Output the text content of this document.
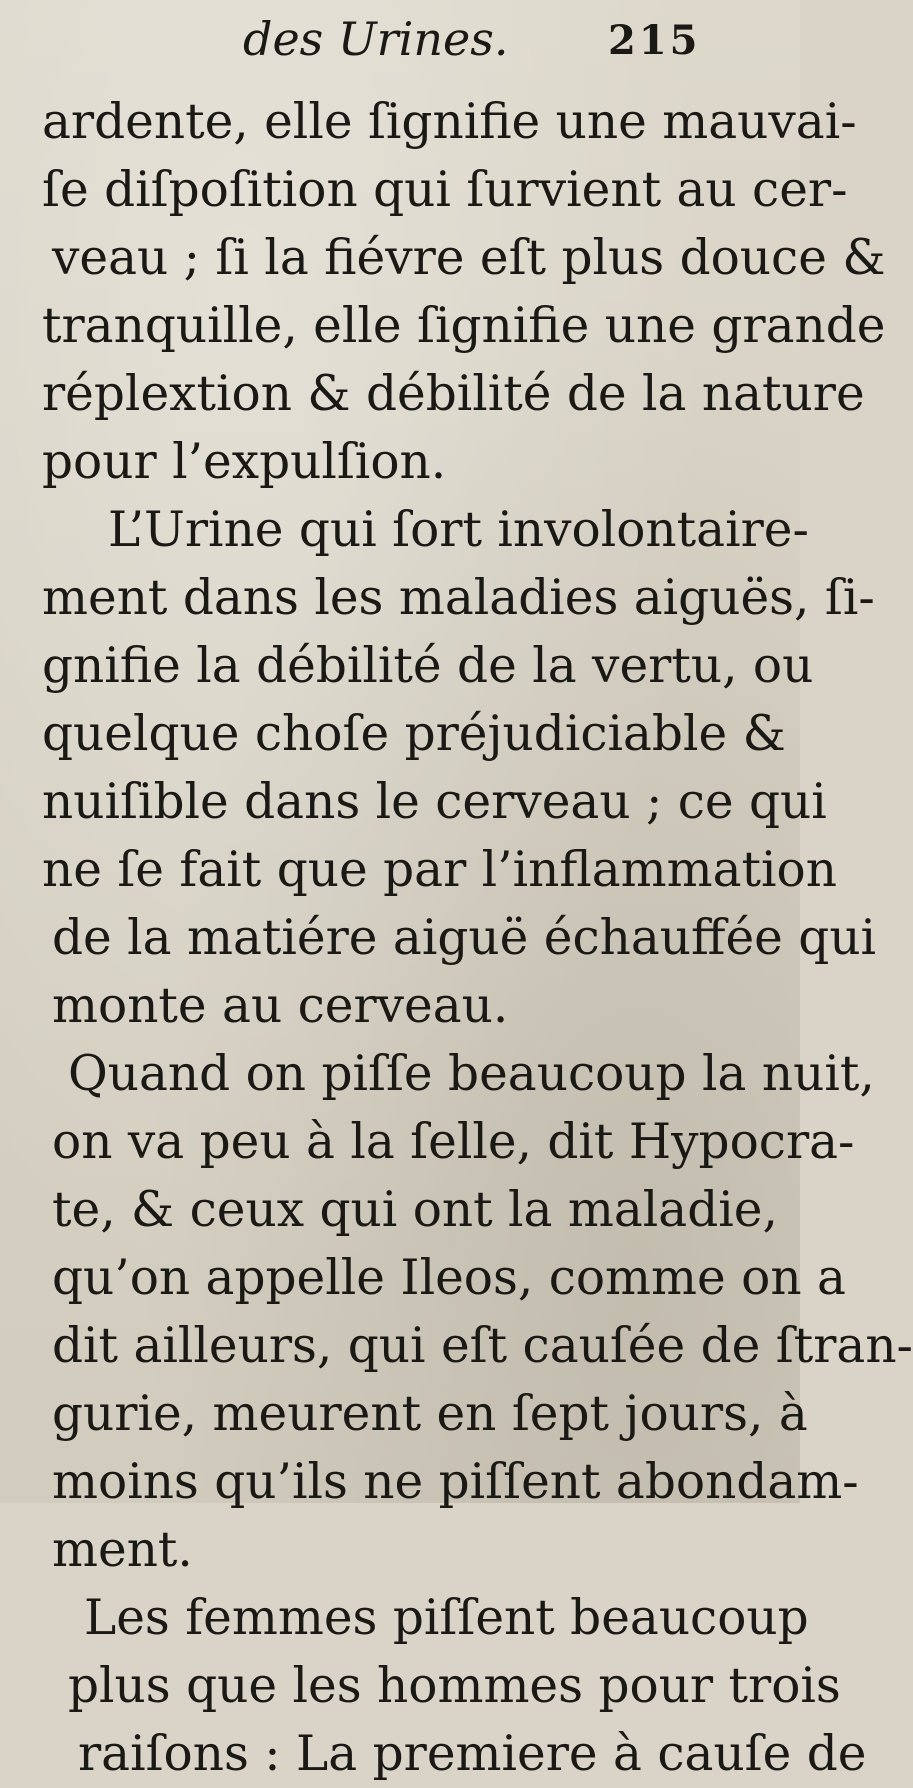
des Urines. 215
ardente, elle ſignifie une mauvai-
ſe diſpoſition qui ſurvient au cer-
veau ; ſi la fiévre eſt plus douce &
tranquille, elle ſignifie une grande
réplextion & débilité de la nature
pour l’expulſion.
L’Urine qui ſort involontaire-
ment dans les maladies aiguës, ſi-
gnifie la débilité de la vertu, ou
quelque choſe préjudiciable &
nuiſible dans le cerveau ; ce qui
ne ſe fait que par l’inflammation
de la matiére aiguë échauffée qui
monte au cerveau.
Quand on piſſe beaucoup la nuit,
on va peu à la ſelle, dit Hypocra-
te, & ceux qui ont la maladie,
qu’on appelle Ileos, comme on a
dit ailleurs, qui eſt cauſée de ſtran-
gurie, meurent en ſept jours, à
moins qu’ils ne piſſent abondam-
ment.
Les femmes piſſent beaucoup
plus que les hommes pour trois
raiſons : La premiere à cauſe de
